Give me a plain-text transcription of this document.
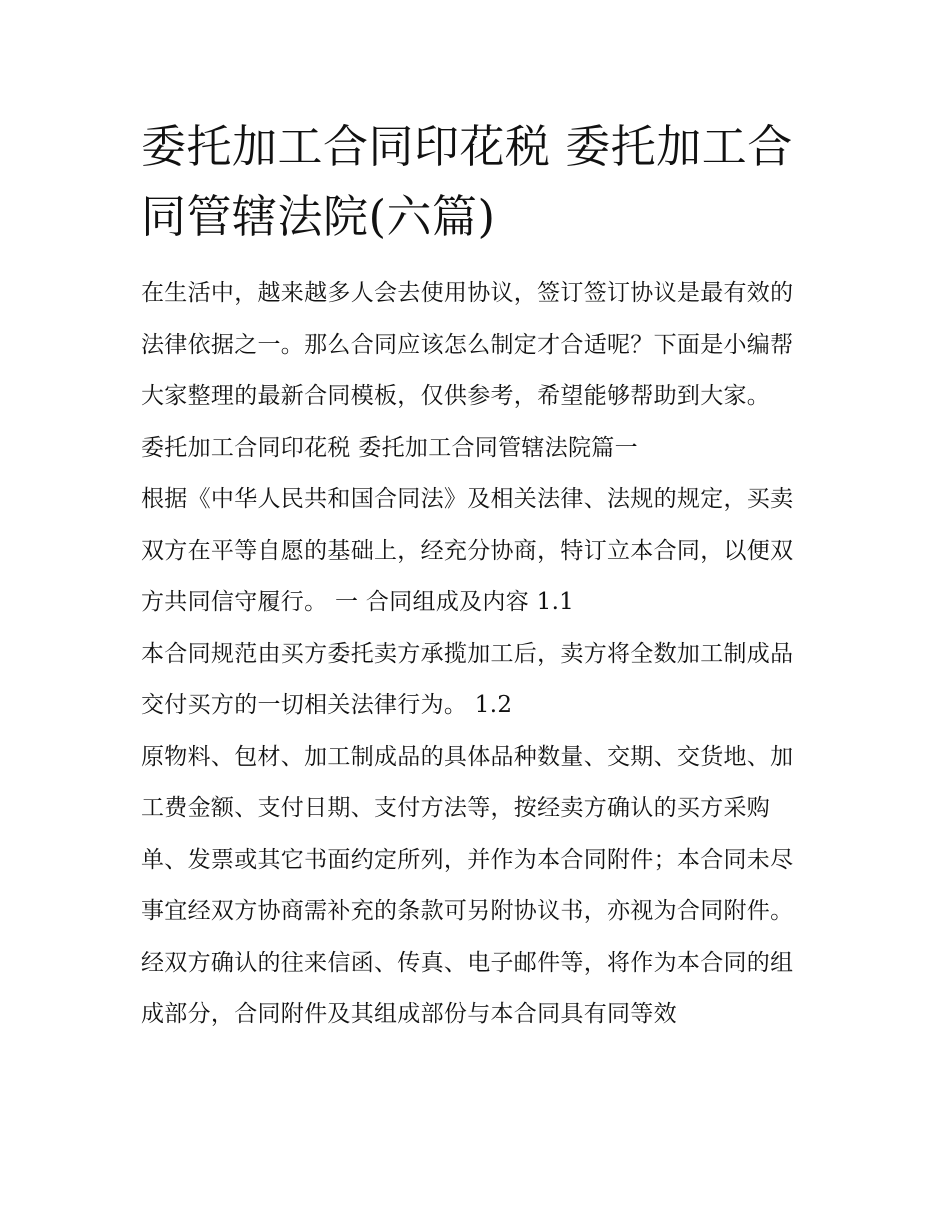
委托加工合同印花税 委托加工合同管辖法院(六篇)

在生活中，越来越多人会去使用协议，签订签订协议是最有效的法律依据之一。那么合同应该怎么制定才合适呢？下面是小编帮大家整理的最新合同模板，仅供参考，希望能够帮助到大家。

委托加工合同印花税 委托加工合同管辖法院篇一

根据《中华人民共和国合同法》及相关法律、法规的规定，买卖双方在平等自愿的基础上，经充分协商，特订立本合同，以便双方共同信守履行。 一 合同组成及内容 1.1

本合同规范由买方委托卖方承揽加工后，卖方将全数加工制成品交付买方的一切相关法律行为。 1.2

原物料、包材、加工制成品的具体品种数量、交期、交货地、加工费金额、支付日期、支付方法等，按经卖方确认的买方采购单、发票或其它书面约定所列，并作为本合同附件；本合同未尽事宜经双方协商需补充的条款可另附协议书，亦视为合同附件。经双方确认的往来信函、传真、电子邮件等，将作为本合同的组成部分，合同附件及其组成部份与本合同具有同等效
